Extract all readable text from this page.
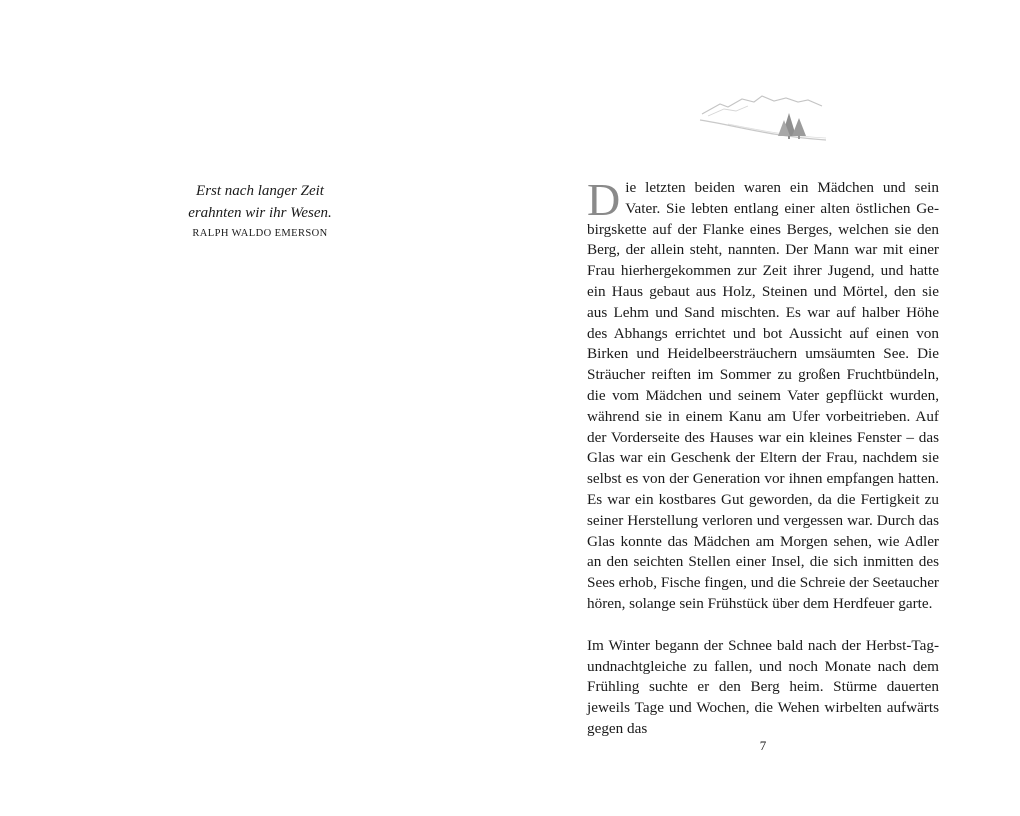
Erst nach langer Zeit
erahnten wir ihr Wesen.

RALPH WALDO EMERSON

Die letzten beiden waren ein Mädchen und sein Vater. Sie lebten entlang einer alten östlichen Gebirgskette auf der Flanke eines Berges, welchen sie den Berg, der allein steht, nannten. Der Mann war mit einer Frau hierhergekommen zur Zeit ihrer Jugend, und hatte ein Haus gebaut aus Holz, Steinen und Mörtel, den sie aus Lehm und Sand mischten. Es war auf halber Höhe des Abhangs errichtet und bot Aussicht auf einen von Birken und Heidelbeersträuchern umsäumten See. Die Sträucher reiften im Sommer zu großen Fruchtbündeln, die vom Mädchen und seinem Vater gepflückt wurden, während sie in einem Kanu am Ufer vorbeitrieben. Auf der Vorderseite des Hauses war ein kleines Fenster – das Glas war ein Geschenk der Eltern der Frau, nachdem sie selbst es von der Generation vor ihnen empfangen hatten. Es war ein kostbares Gut geworden, da die Fertigkeit zu seiner Herstellung verloren und vergessen war. Durch das Glas konnte das Mädchen am Morgen sehen, wie Adler an den seichten Stellen einer Insel, die sich inmitten des Sees erhob, Fische fingen, und die Schreie der Seetaucher hören, solange sein Frühstück über dem Herdfeuer garte.

Im Winter begann der Schnee bald nach der Herbst-Tagundnachtgleiche zu fallen, und noch Monate nach dem Frühling suchte er den Berg heim. Stürme dauerten jeweils Tage und Wochen, die Wehen wirbelten aufwärts gegen das

7
